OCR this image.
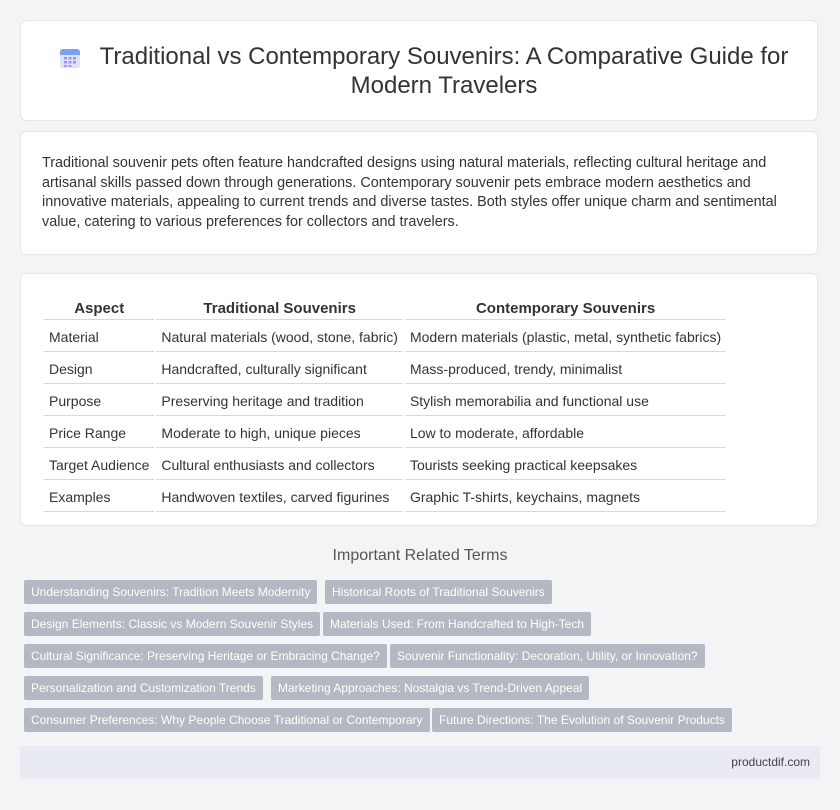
Traditional vs Contemporary Souvenirs: A Comparative Guide for Modern Travelers

Traditional souvenir pets often feature handcrafted designs using natural materials, reflecting cultural heritage and artisanal skills passed down through generations. Contemporary souvenir pets embrace modern aesthetics and innovative materials, appealing to current trends and diverse tastes. Both styles offer unique charm and sentimental value, catering to various preferences for collectors and travelers.

Aspect	Traditional Souvenirs	Contemporary Souvenirs
Material	Natural materials (wood, stone, fabric)	Modern materials (plastic, metal, synthetic fabrics)
Design	Handcrafted, culturally significant	Mass-produced, trendy, minimalist
Purpose	Preserving heritage and tradition	Stylish memorabilia and functional use
Price Range	Moderate to high, unique pieces	Low to moderate, affordable
Target Audience	Cultural enthusiasts and collectors	Tourists seeking practical keepsakes
Examples	Handwoven textiles, carved figurines	Graphic T-shirts, keychains, magnets
Important Related Terms
Understanding Souvenirs: Tradition Meets Modernity	Historical Roots of Traditional Souvenirs
Design Elements: Classic vs Modern Souvenir Styles	Materials Used: From Handcrafted to High-Tech
Cultural Significance: Preserving Heritage or Embracing Change?	Souvenir Functionality: Decoration, Utility, or Innovation?
Personalization and Customization Trends	Marketing Approaches: Nostalgia vs Trend-Driven Appeal
Consumer Preferences: Why People Choose Traditional or Contemporary	Future Directions: The Evolution of Souvenir Products
productdif.com
